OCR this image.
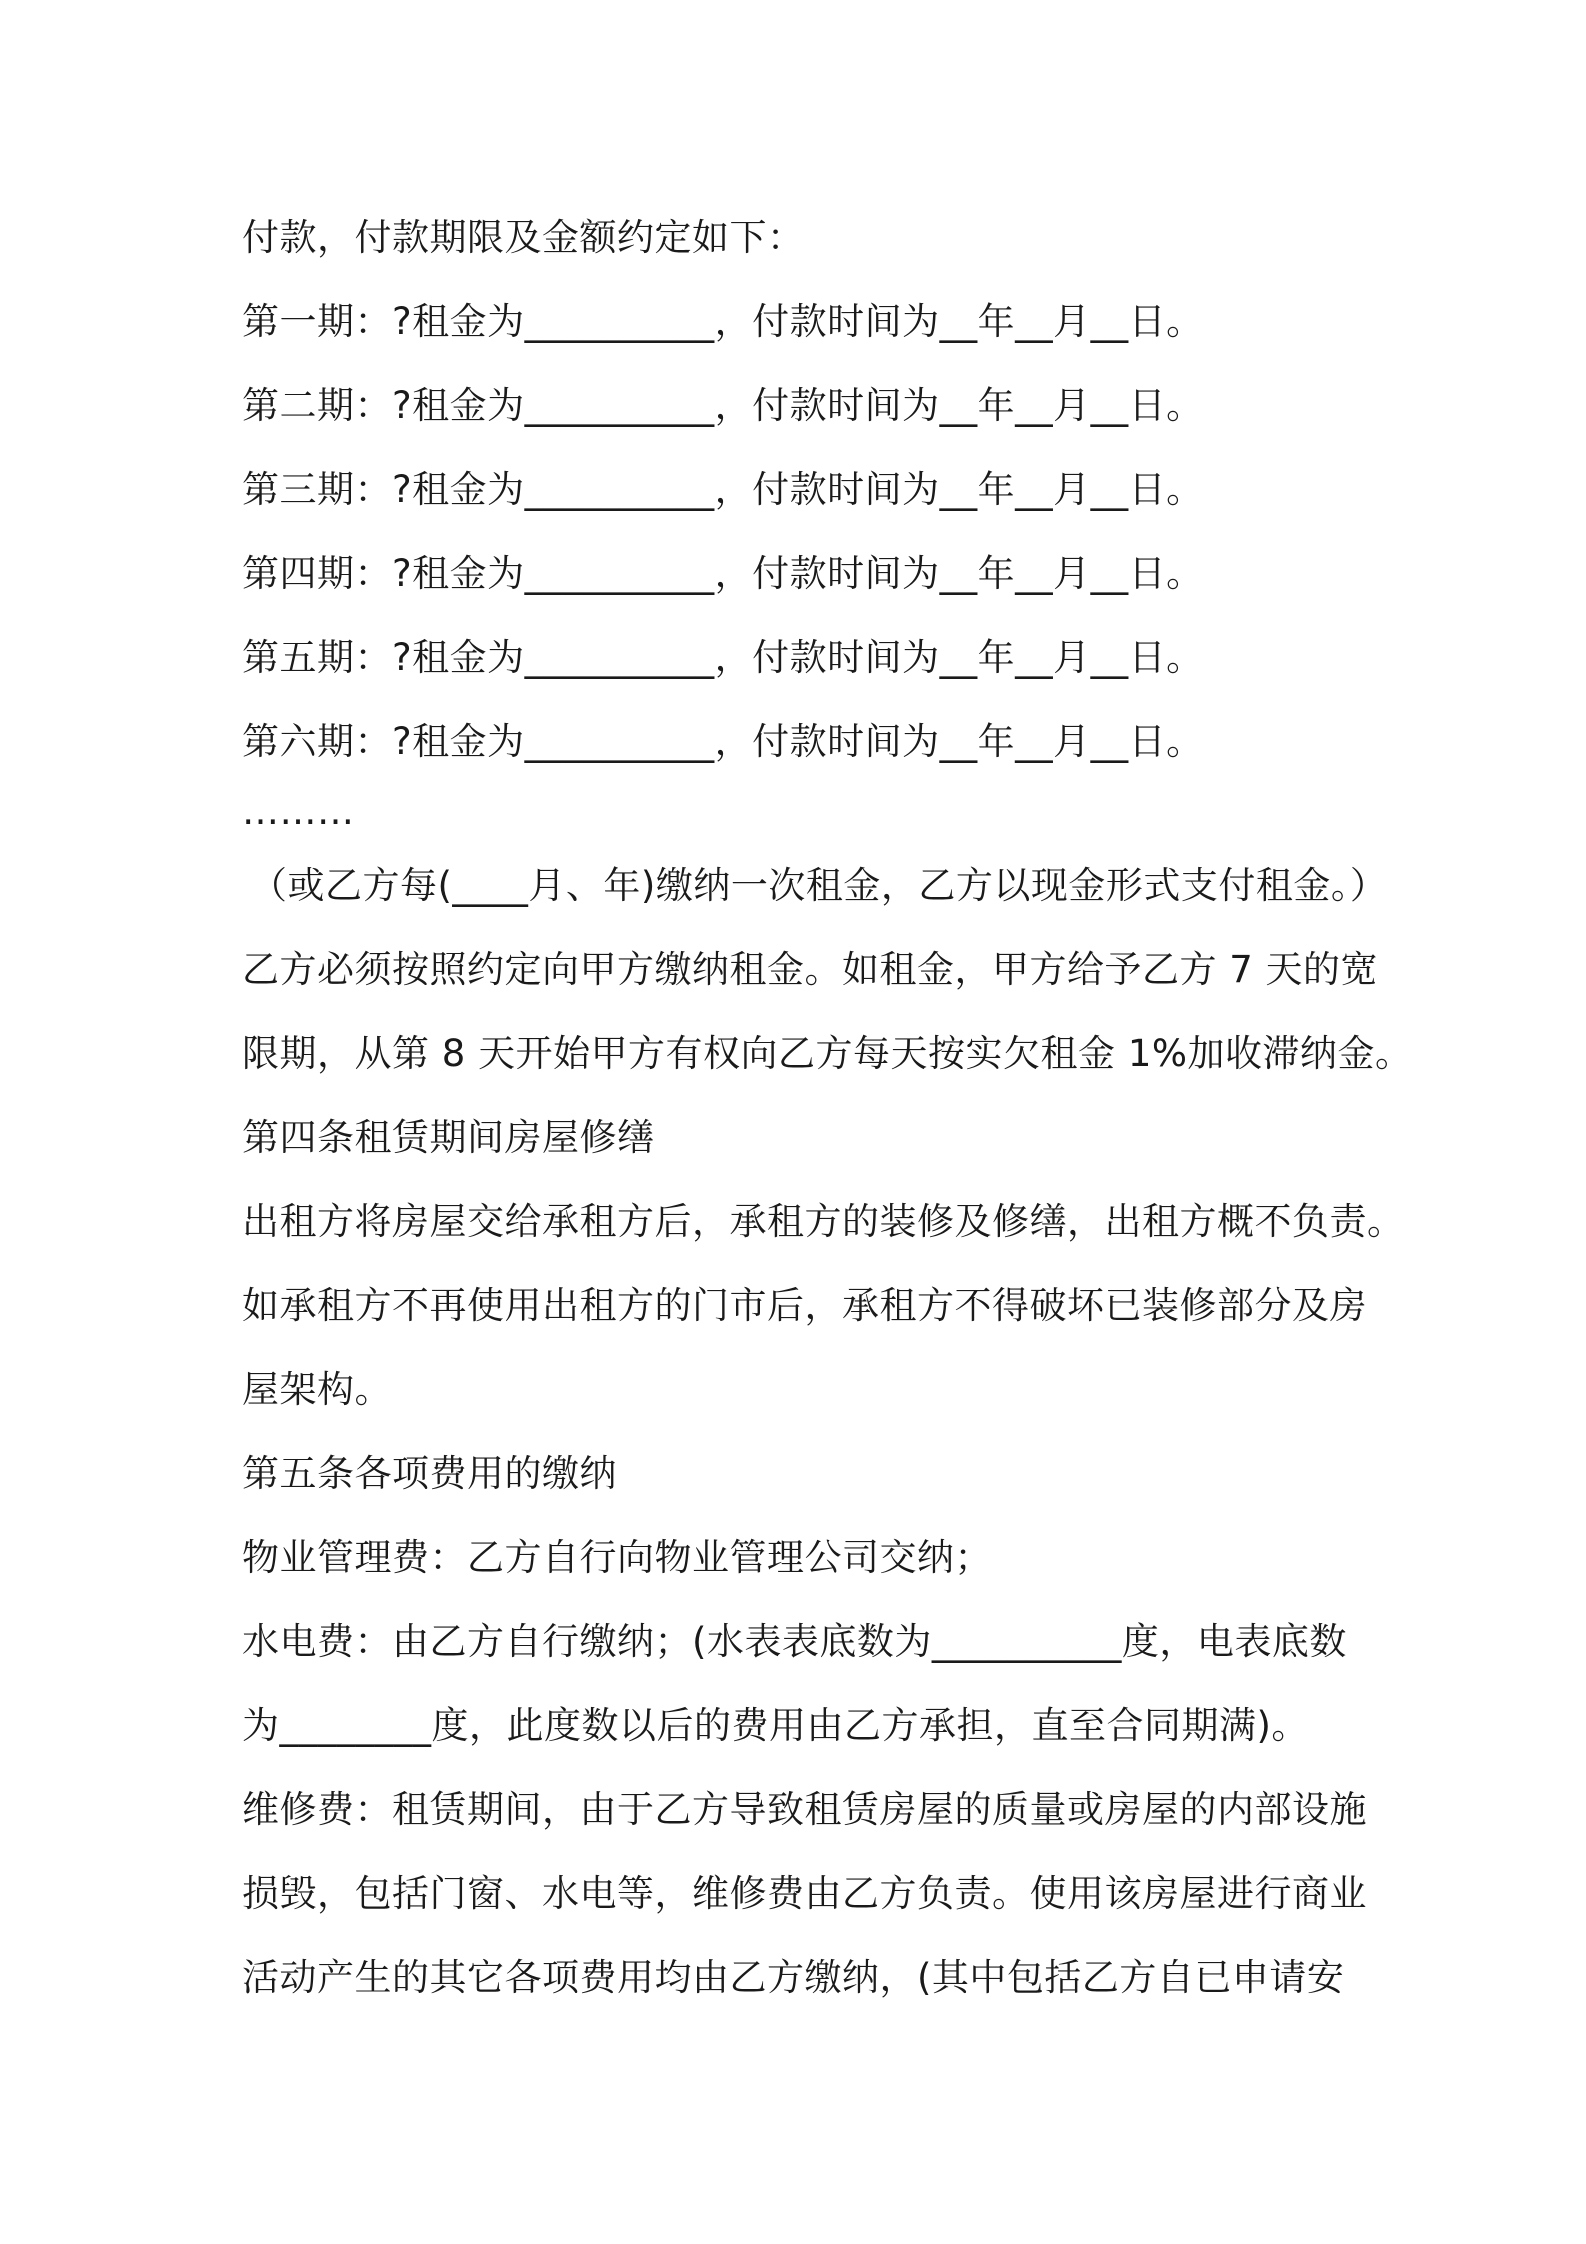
付款，付款期限及金额约定如下：
第一期：?租金为__________，付款时间为__年__月__日。
第二期：?租金为__________，付款时间为__年__月__日。
第三期：?租金为__________，付款时间为__年__月__日。
第四期：?租金为__________，付款时间为__年__月__日。
第五期：?租金为__________，付款时间为__年__月__日。
第六期：?租金为__________，付款时间为__年__月__日。
………
（或乙方每(____月、年)缴纳一次租金，乙方以现金形式支付租金。）
乙方必须按照约定向甲方缴纳租金。如租金，甲方给予乙方 7 天的宽
限期，从第 8 天开始甲方有权向乙方每天按实欠租金 1%加收滞纳金。
第四条租赁期间房屋修缮
出租方将房屋交给承租方后，承租方的装修及修缮，出租方概不负责。
如承租方不再使用出租方的门市后，承租方不得破坏已装修部分及房
屋架构。
第五条各项费用的缴纳
物业管理费：乙方自行向物业管理公司交纳；
水电费：由乙方自行缴纳；(水表表底数为__________度，电表底数
为________度，此度数以后的费用由乙方承担，直至合同期满)。
维修费：租赁期间，由于乙方导致租赁房屋的质量或房屋的内部设施
损毁，包括门窗、水电等，维修费由乙方负责。使用该房屋进行商业
活动产生的其它各项费用均由乙方缴纳，(其中包括乙方自已申请安
